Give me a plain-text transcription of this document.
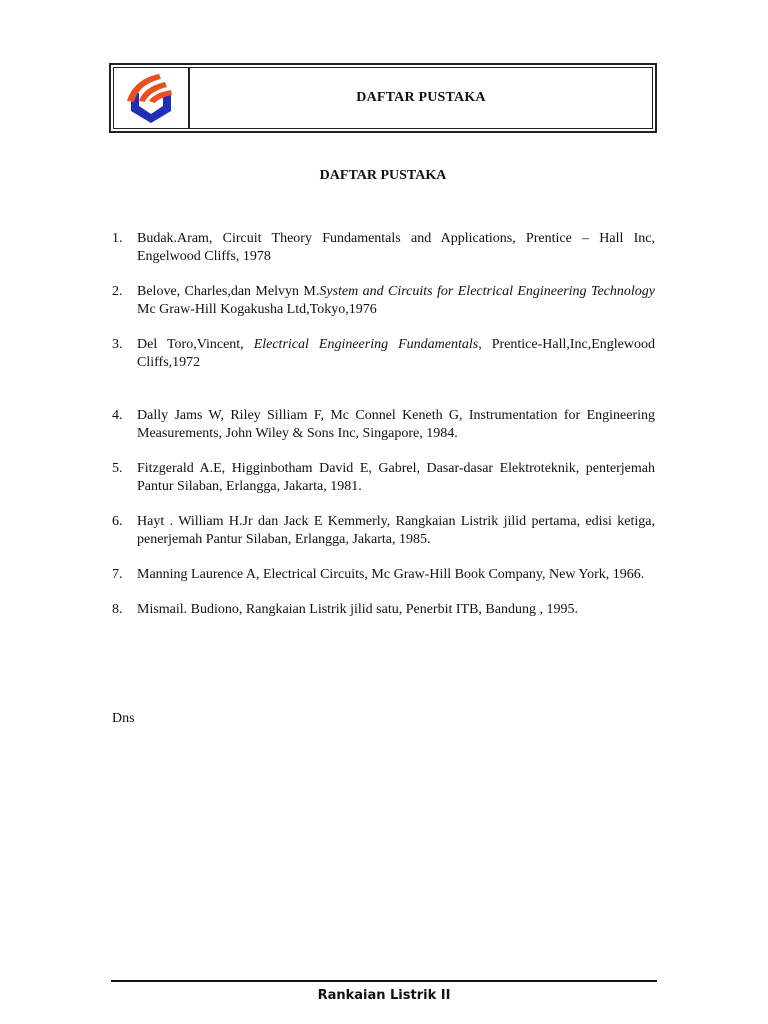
DAFTAR PUSTAKA
DAFTAR PUSTAKA
1. Budak.Aram, Circuit Theory Fundamentals and Applications, Prentice – Hall Inc, Engelwood Cliffs, 1978
2. Belove, Charles,dan Melvyn M.System and Circuits for Electrical Engineering Technology Mc Graw-Hill Kogakusha Ltd,Tokyo,1976
3. Del Toro,Vincent, Electrical Engineering Fundamentals, Prentice-Hall,Inc,Englewood Cliffs,1972
4. Dally Jams W, Riley Silliam F, Mc Connel Keneth G, Instrumentation for Engineering Measurements, John Wiley & Sons Inc, Singapore, 1984.
5. Fitzgerald A.E, Higginbotham David E, Gabrel, Dasar-dasar Elektroteknik, penterjemah Pantur Silaban, Erlangga, Jakarta, 1981.
6. Hayt . William H.Jr dan Jack E Kemmerly, Rangkaian Listrik jilid pertama, edisi ketiga, penerjemah Pantur Silaban, Erlangga, Jakarta, 1985.
7. Manning Laurence A, Electrical Circuits, Mc Graw-Hill Book Company, New York, 1966.
8. Mismail. Budiono, Rangkaian Listrik jilid satu, Penerbit ITB, Bandung , 1995.
Dns
Rankaian Listrik II
